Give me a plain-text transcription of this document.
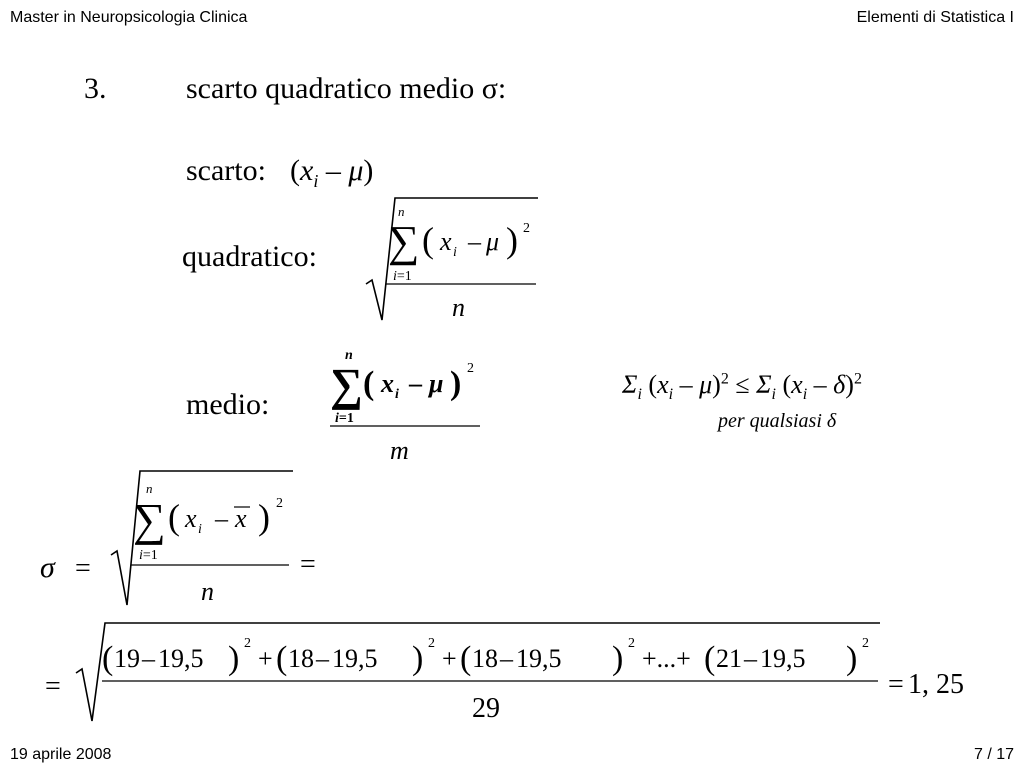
Master in Neuropsicologia Clinica	Elementi di Statistica I
3.	scarto quadratico medio σ:
scarto: $(x_i - \mu)$
quadratico:
n
∑
i=1
( x i – μ ) 2
n
medio:
n
∑
i=1
( x i – μ ) 2
m
$\Sigma_i$ $(x_i - \mu)^2 \le \Sigma_i$ $(x_i - \delta)^2$
per qualsiasi δ
σ =
n
∑
i=1
( x i – x ) 2
n
=
=
( 19 – 19,5 ) 2
+ ( 18 – 19,5 ) 2
+ ( 18 – 19,5 ) 2
+...+ ( 21 – 19,5 ) 2
29
= 1, 25
19 aprile 2008	7 / 17
